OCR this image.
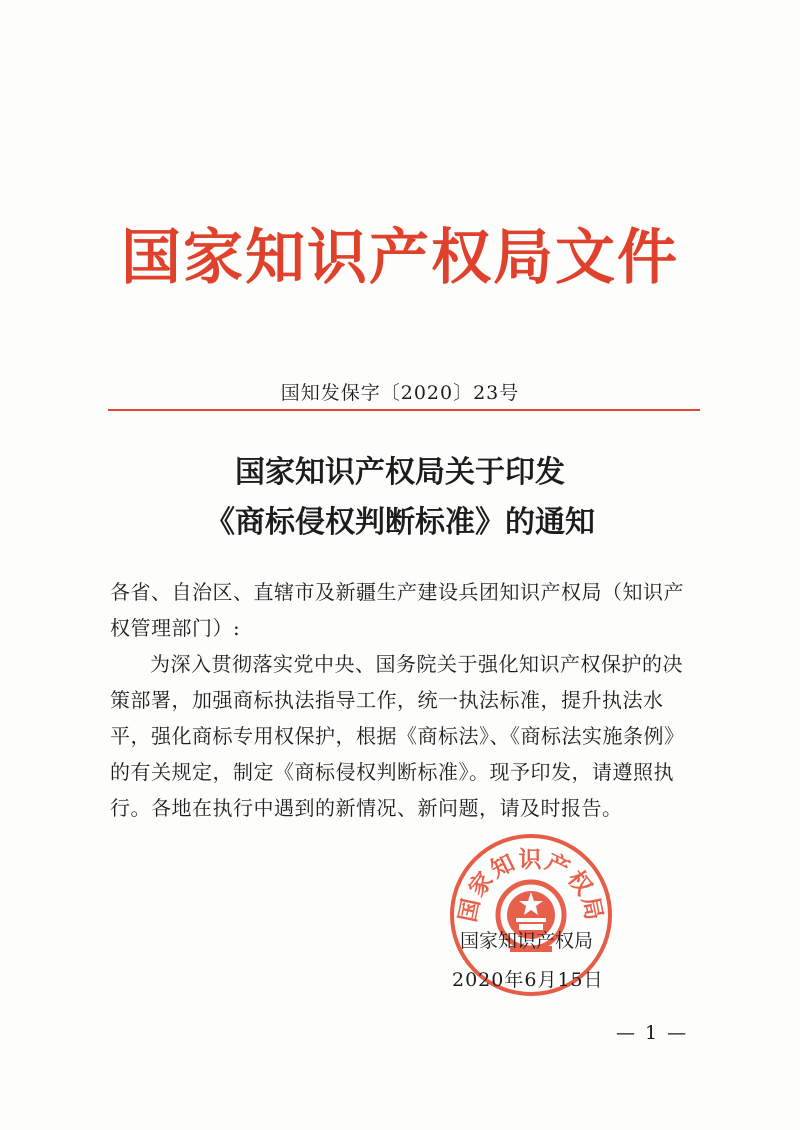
国家知识产权局文件
国知发保字〔2020〕23号
国家知识产权局关于印发
《商标侵权判断标准》的通知

各省、自治区、直辖市及新疆生产建设兵团知识产权局（知识产权管理部门）:

为深入贯彻落实党中央、国务院关于强化知识产权保护的决策部署，加强商标执法指导工作，统一执法标准，提升执法水平，强化商标专用权保护，根据《商标法》、《商标法实施条例》的有关规定，制定《商标侵权判断标准》。现予印发，请遵照执行。各地在执行中遇到的新情况、新问题，请及时报告。

国家知识产权局
国家知识产权局
2020年6月15日
— 1 —
